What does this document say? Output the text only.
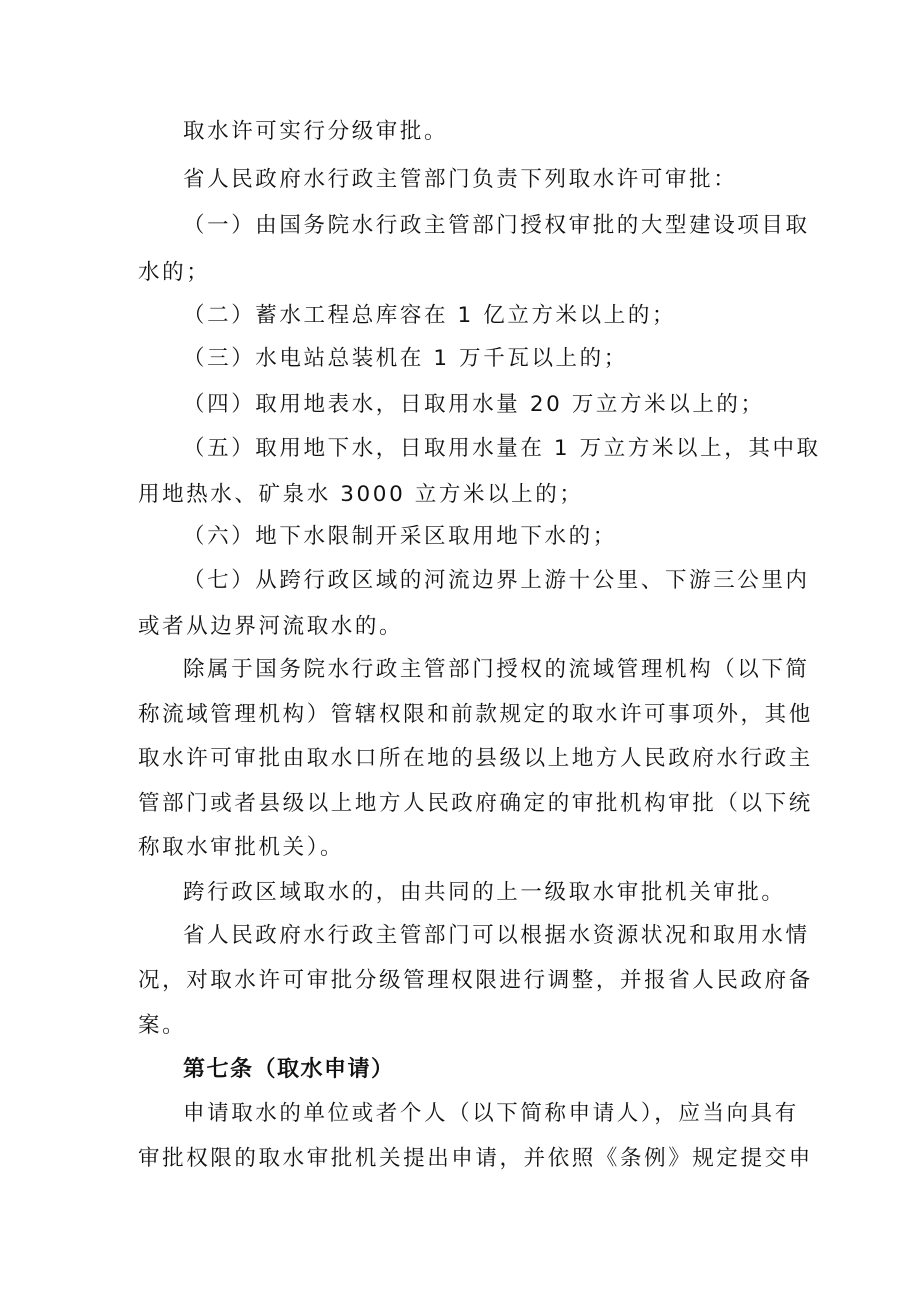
取水许可实行分级审批。
省人民政府水行政主管部门负责下列取水许可审批：
（一）由国务院水行政主管部门授权审批的大型建设项目取
水的；
（二）蓄水工程总库容在 1 亿立方米以上的；
（三）水电站总装机在 1 万千瓦以上的；
（四）取用地表水，日取用水量 20 万立方米以上的；
（五）取用地下水，日取用水量在 1 万立方米以上，其中取
用地热水、矿泉水 3000 立方米以上的；
（六）地下水限制开采区取用地下水的；
（七）从跨行政区域的河流边界上游十公里、下游三公里内
或者从边界河流取水的。
除属于国务院水行政主管部门授权的流域管理机构（以下简
称流域管理机构）管辖权限和前款规定的取水许可事项外，其他
取水许可审批由取水口所在地的县级以上地方人民政府水行政主
管部门或者县级以上地方人民政府确定的审批机构审批（以下统
称取水审批机关）。
跨行政区域取水的，由共同的上一级取水审批机关审批。
省人民政府水行政主管部门可以根据水资源状况和取用水情
况，对取水许可审批分级管理权限进行调整，并报省人民政府备
案。
第七条（取水申请）
申请取水的单位或者个人（以下简称申请人），应当向具有
审批权限的取水审批机关提出申请，并依照《条例》规定提交申
